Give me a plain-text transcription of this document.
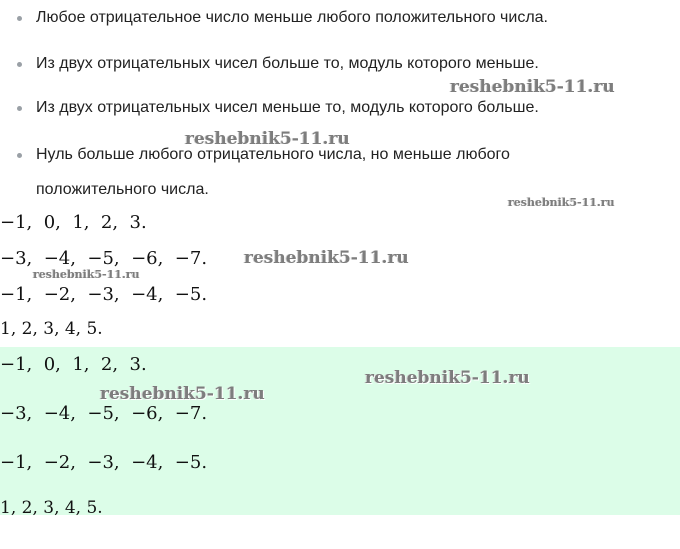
Любое отрицательное число меньше любого положительного числа.
Из двух отрицательных чисел больше то, модуль которого меньше.
Из двух отрицательных чисел меньше то, модуль которого больше.
Нуль больше любого отрицательного числа, но меньше любого
положительного числа.
−1,  0,  1,  2,  3.
−3,  −4,  −5,  −6,  −7.
−1,  −2,  −3,  −4,  −5.
1, 2, 3, 4, 5.
−1,  0,  1,  2,  3.
−3,  −4,  −5,  −6,  −7.
−1,  −2,  −3,  −4,  −5.
1, 2, 3, 4, 5.
reshebnik5-11.ru
reshebnik5-11.ru
reshebnik5-11.ru
reshebnik5-11.ru
reshebnik5-11.ru
reshebnik5-11.ru
reshebnik5-11.ru
